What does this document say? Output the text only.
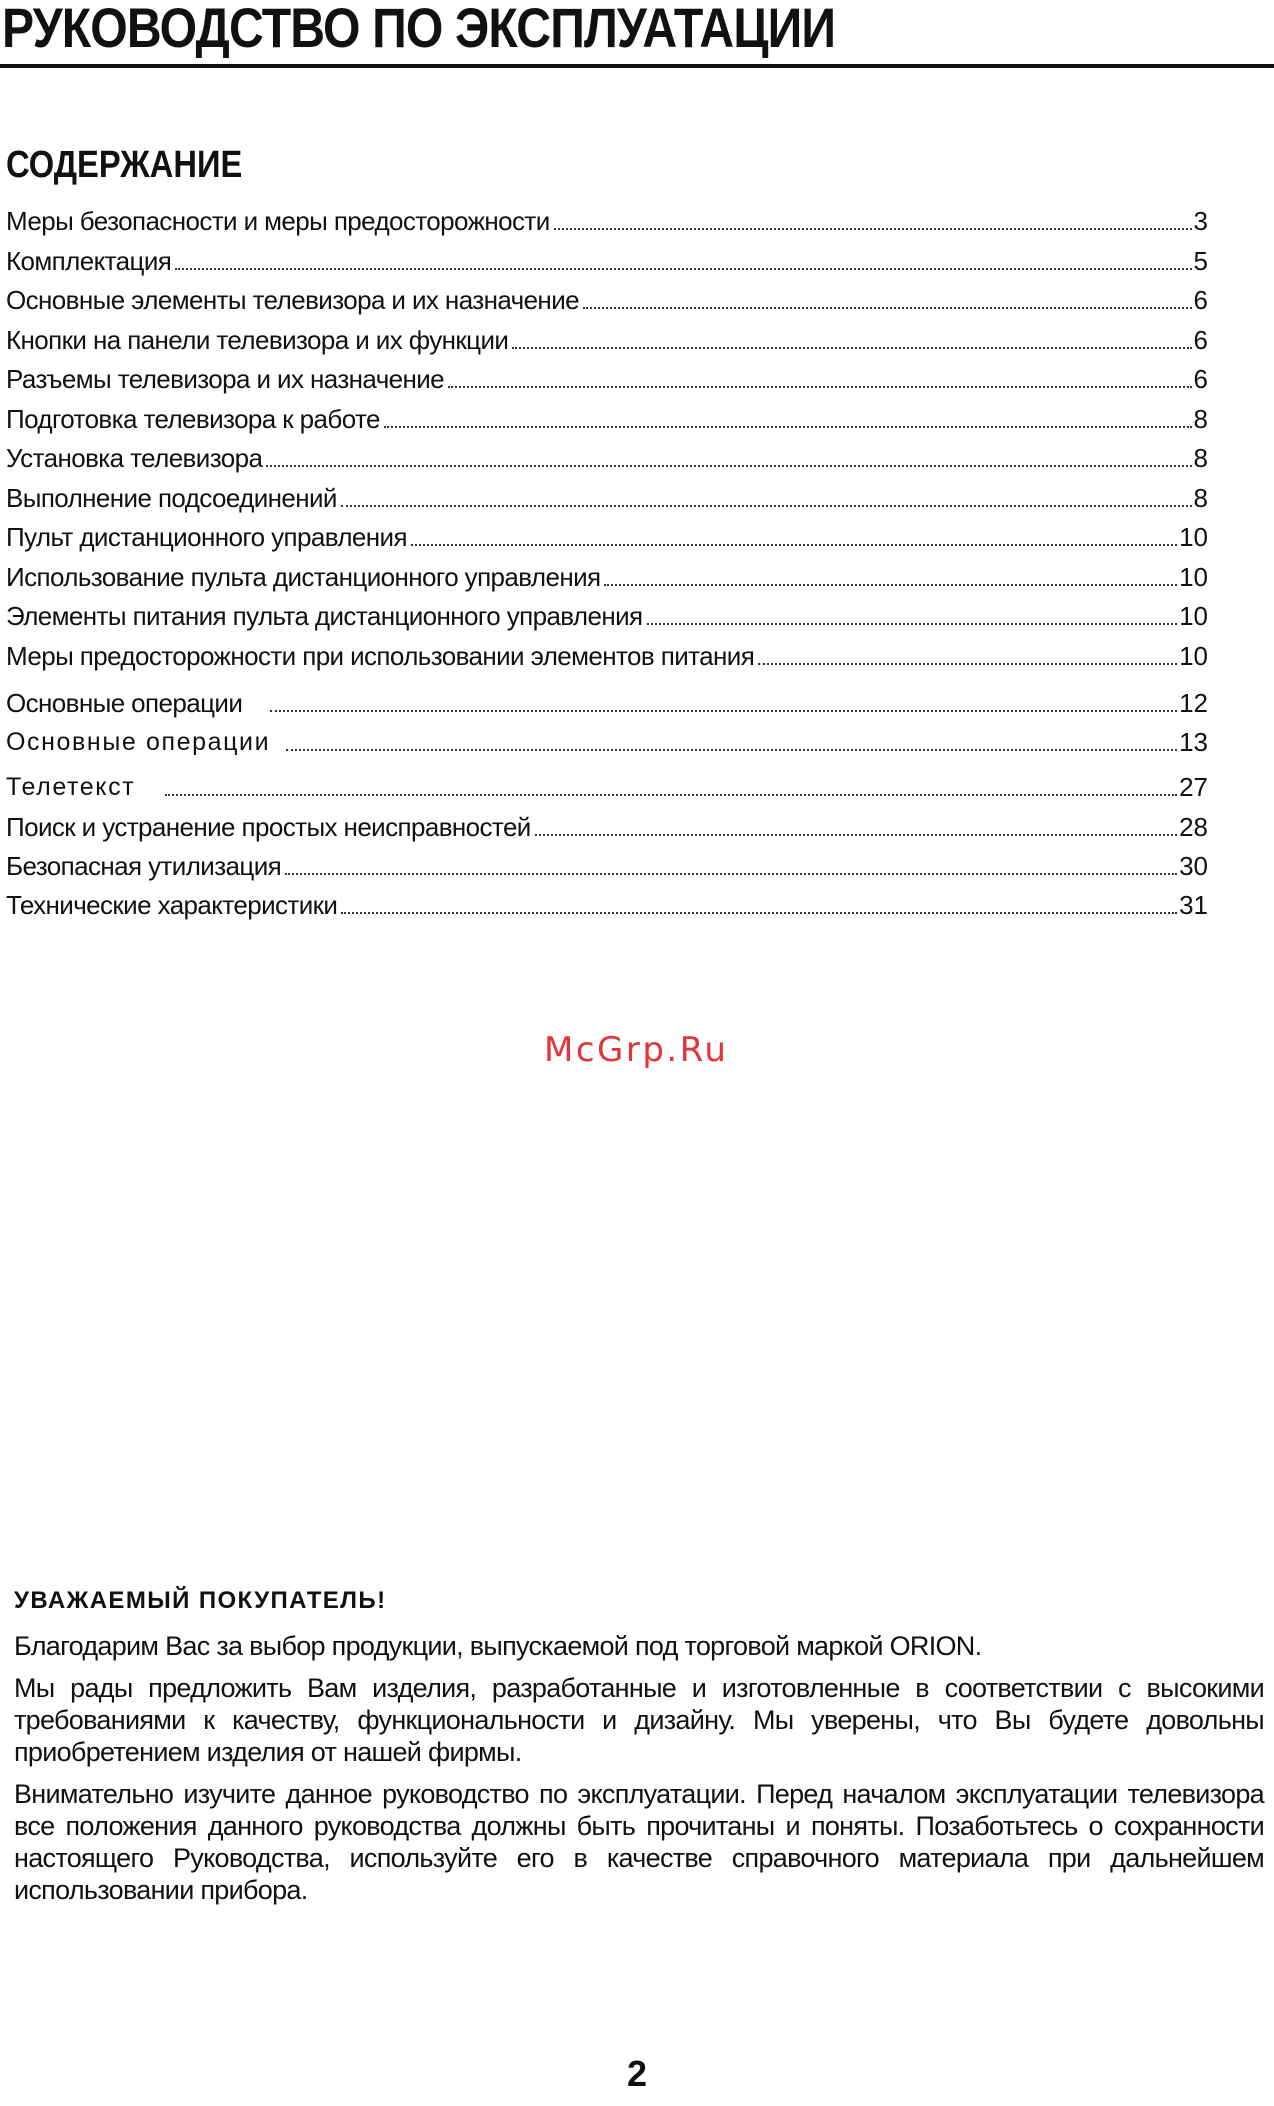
РУКОВОДСТВО ПО ЭКСПЛУАТАЦИИ
СОДЕРЖАНИЕ
Меры безопасности и меры предосторожности	3
Комплектация	5
Основные элементы телевизора и их назначение	6
Кнопки на панели телевизора и их функции	6
Разъемы телевизора и их назначение	6
Подготовка телевизора к работе	8
Установка телевизора	8
Выполнение подсоединений	8
Пульт дистанционного управления	10
Использование пульта дистанционного управления	10
Элементы питания пульта дистанционного управления	10
Меры предосторожности при использовании элементов питания	10
Основные операции	12
Основные операции	13
Телетекст	27
Поиск и устранение простых неисправностей	28
Безопасная утилизация	30
Технические характеристики	31
McGrp.Ru
УВАЖАЕМЫЙ ПОКУПАТЕЛЬ!

Благодарим Вас за выбор продукции, выпускаемой под торговой маркой ORION.

Мы рады предложить Вам изделия, разработанные и изготовленные в соответствии с высокими требованиями к качеству, функциональности и дизайну. Мы уверены, что Вы будете довольны приобретением изделия от нашей фирмы.

Внимательно изучите данное руководство по эксплуатации. Перед началом эксплуатации телевизора все положения данного руководства должны быть прочитаны и поняты. Позаботьтесь о сохранности настоящего Руководства, используйте его в качестве справочного материала при дальнейшем использовании прибора.

2
